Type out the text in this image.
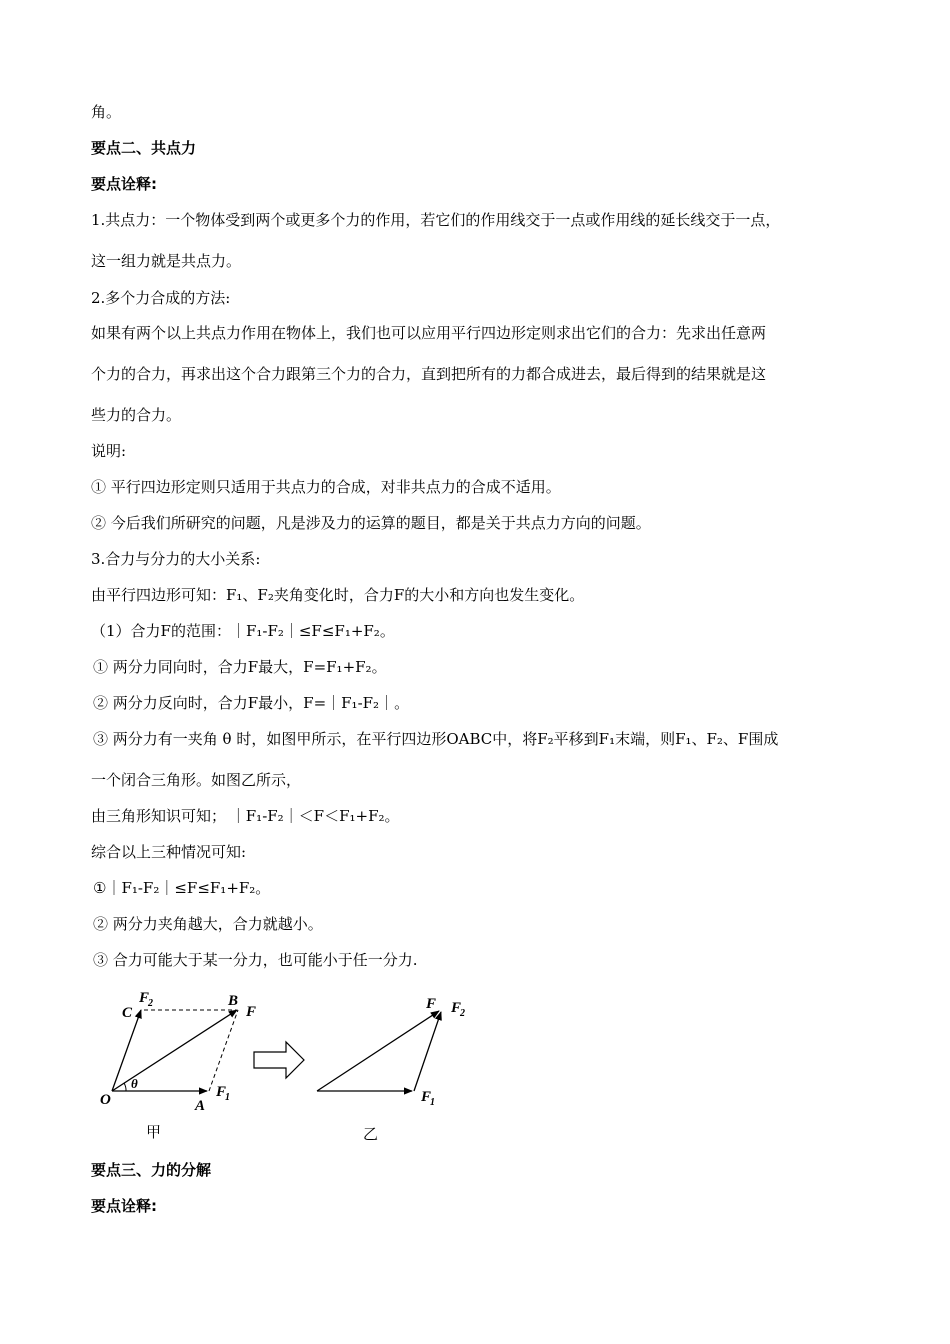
角。
要点二、共点力
要点诠释:
1.共点力：一个物体受到两个或更多个力的作用，若它们的作用线交于一点或作用线的延长线交于一点，
这一组力就是共点力。
2.多个力合成的方法:
如果有两个以上共点力作用在物体上，我们也可以应用平行四边形定则求出它们的合力：先求出任意两
个力的合力，再求出这个合力跟第三个力的合力，直到把所有的力都合成进去，最后得到的结果就是这
些力的合力。
说明:
① 平行四边形定则只适用于共点力的合成，对非共点力的合成不适用。
② 今后我们所研究的问题，凡是涉及力的运算的题目，都是关于共点力方向的问题。
3.合力与分力的大小关系:
由平行四边形可知：F₁、F₂夹角变化时，合力F的大小和方向也发生变化。
（1）合力F的范围：｜F₁-F₂｜≤F≤F₁+F₂。
① 两分力同向时，合力F最大，F=F₁+F₂。
② 两分力反向时，合力F最小，F=｜F₁-F₂｜。
③ 两分力有一夹角 θ 时，如图甲所示，在平行四边形OABC中，将F₂平移到F₁末端，则F₁、F₂、F围成
一个闭合三角形。如图乙所示，
由三角形知识可知； ｜F₁-F₂｜＜F＜F₁+F₂。
综合以上三种情况可知:
①｜F₁-F₂｜≤F≤F₁+F₂。
② 两分力夹角越大，合力就越小。
③ 合力可能大于某一分力，也可能小于任一分力.
O	A
B
C	F
F
1
F
2
θ
甲
F F
2
F
1
乙
要点三、力的分解
要点诠释:
